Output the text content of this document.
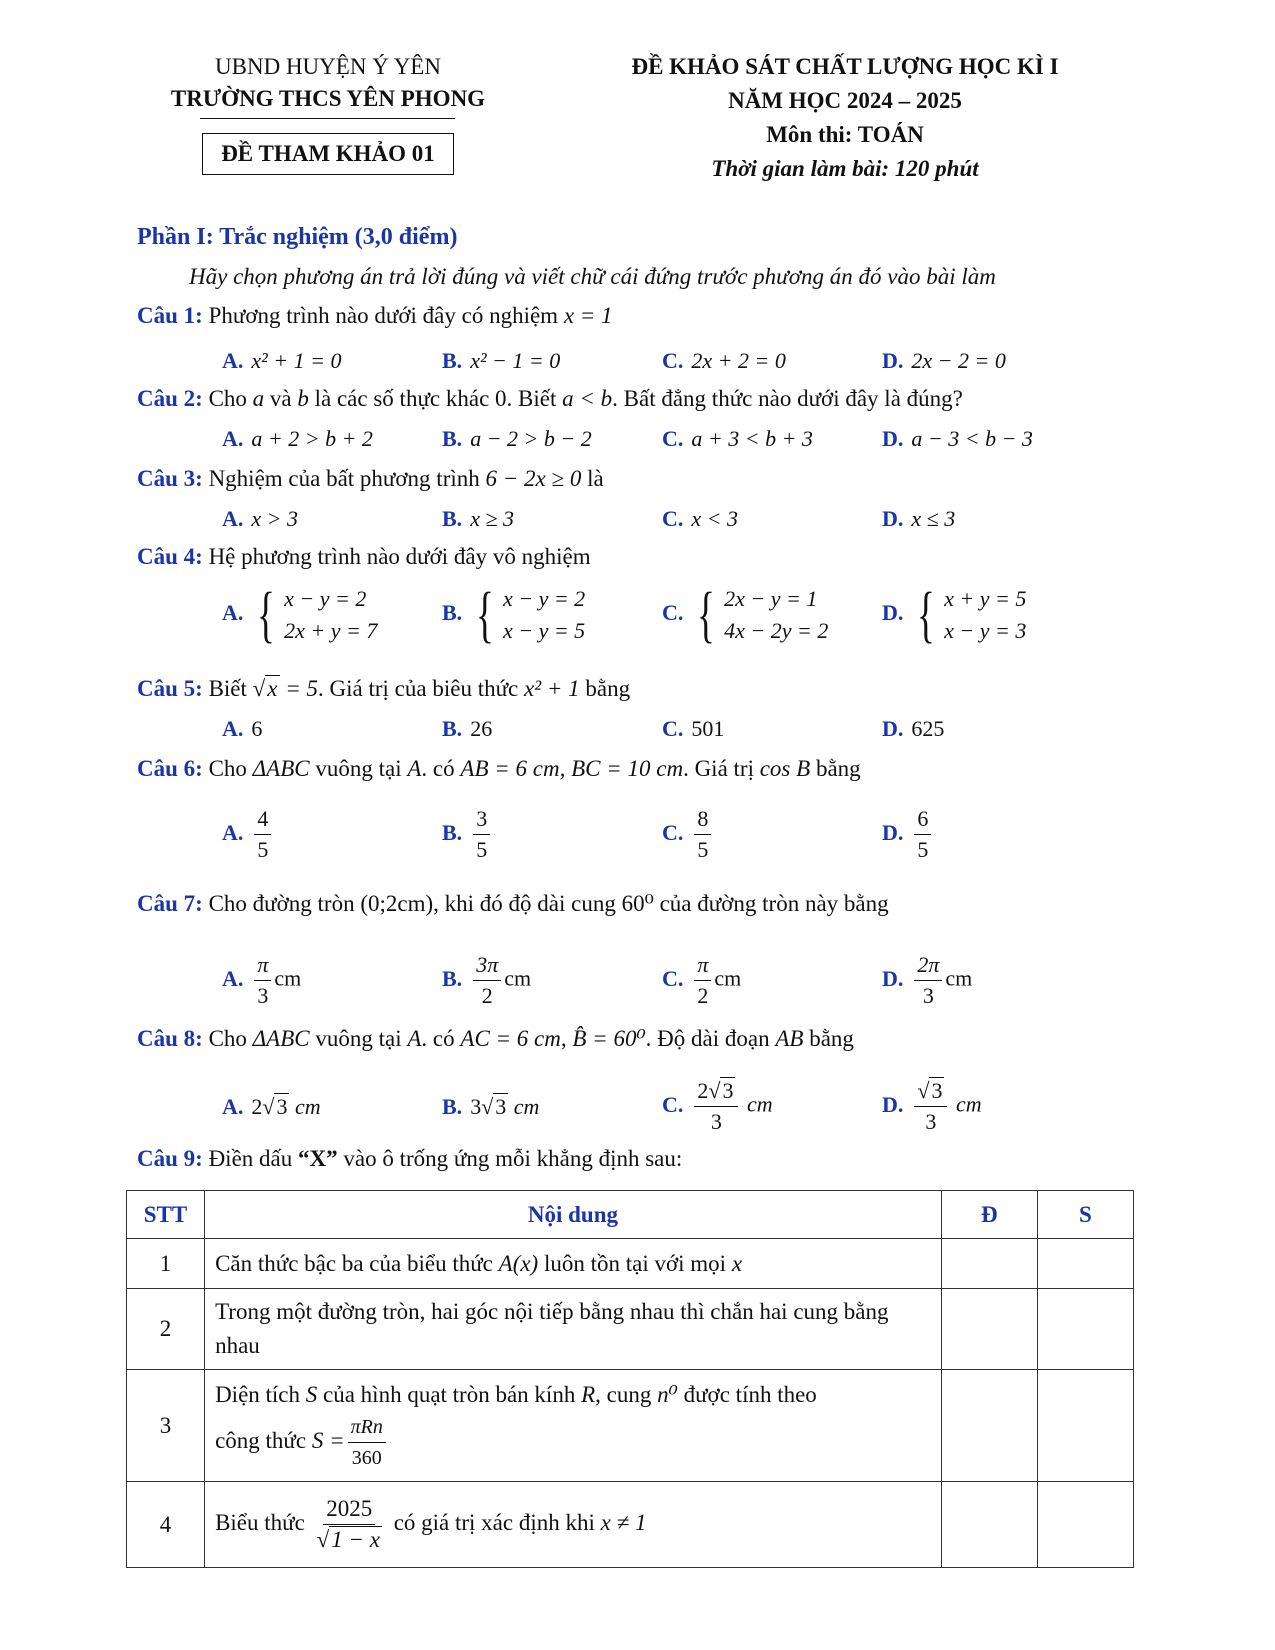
UBND HUYỆN Ý YÊN
TRƯỜNG THCS YÊN PHONG
ĐỀ THAM KHẢO 01
ĐỀ KHẢO SÁT CHẤT LƯỢNG HỌC KÌ I
NĂM HỌC 2024 – 2025
Môn thi: TOÁN
Thời gian làm bài: 120 phút
Phần I: Trắc nghiệm (3,0 điểm)
Hãy chọn phương án trả lời đúng và viết chữ cái đứng trước phương án đó vào bài làm
Câu 1: Phương trình nào dưới đây có nghiệm x = 1
A. x² + 1 = 0	B. x² − 1 = 0	C. 2x + 2 = 0	D. 2x − 2 = 0
Câu 2: Cho a và b là các số thực khác 0. Biết a < b. Bất đẳng thức nào dưới đây là đúng?
A. a + 2 > b + 2	B. a − 2 > b − 2	C. a + 3 < b + 3	D. a − 3 < b − 3
Câu 3: Nghiệm của bất phương trình 6 − 2x ≥ 0 là
A. x > 3	B. x ≥ 3	C. x < 3	D. x ≤ 3
Câu 4: Hệ phương trình nào dưới đây vô nghiệm
A. { x − y = 2
2x + y = 7
B. { x − y = 2
x − y = 5
C. { 2x − y = 1
4x − 2y = 2
D. { x + y = 5
x − y = 3
Câu 5: Biết √x = 5. Giá trị của biêu thức x² + 1 bằng
A. 6	B. 26	C. 501	D. 625
Câu 6: Cho ΔABC vuông tại A. có AB = 6 cm, BC = 10 cm. Giá trị cos B bằng
A. $\frac{4}{5}$	B. $\frac{3}{5}$	C. $\frac{8}{5}$	D. $\frac{6}{5}$
Câu 7: Cho đường tròn (0;2cm), khi đó độ dài cung 60⁰ của đường tròn này bằng
A. $\frac{\pi}{3}$ cm	B. $\frac{3\pi}{2}$ cm	C. $\frac{\pi}{2}$ cm	D. $\frac{2\pi}{3}$ cm
Câu 8: Cho ΔABC vuông tại A. có AC = 6 cm, B̂ = 60⁰. Độ dài đoạn AB bằng
A. 2√3 cm	B. 3√3 cm	C. $\frac{2√3}{3}$ cm	D. $\frac{√3}{3}$ cm
Câu 9: Điền dấu “X” vào ô trống ứng mỗi khẳng định sau:
STT	Nội dung	Đ	S
1	Căn thức bậc ba của biểu thức A(x) luôn tồn tại với mọi x		
2	Trong một đường tròn, hai góc nội tiếp bằng nhau thì chắn hai cung bằng nhau		
3	Diện tích S của hình quạt tròn bán kính R, cung n⁰ được tính theo
công thức $S = \frac{\text{πRn}}{360}$

4	Biểu thức $\frac{2025}{√1 - x}$ có giá trị xác định khi x ≠ 1		
